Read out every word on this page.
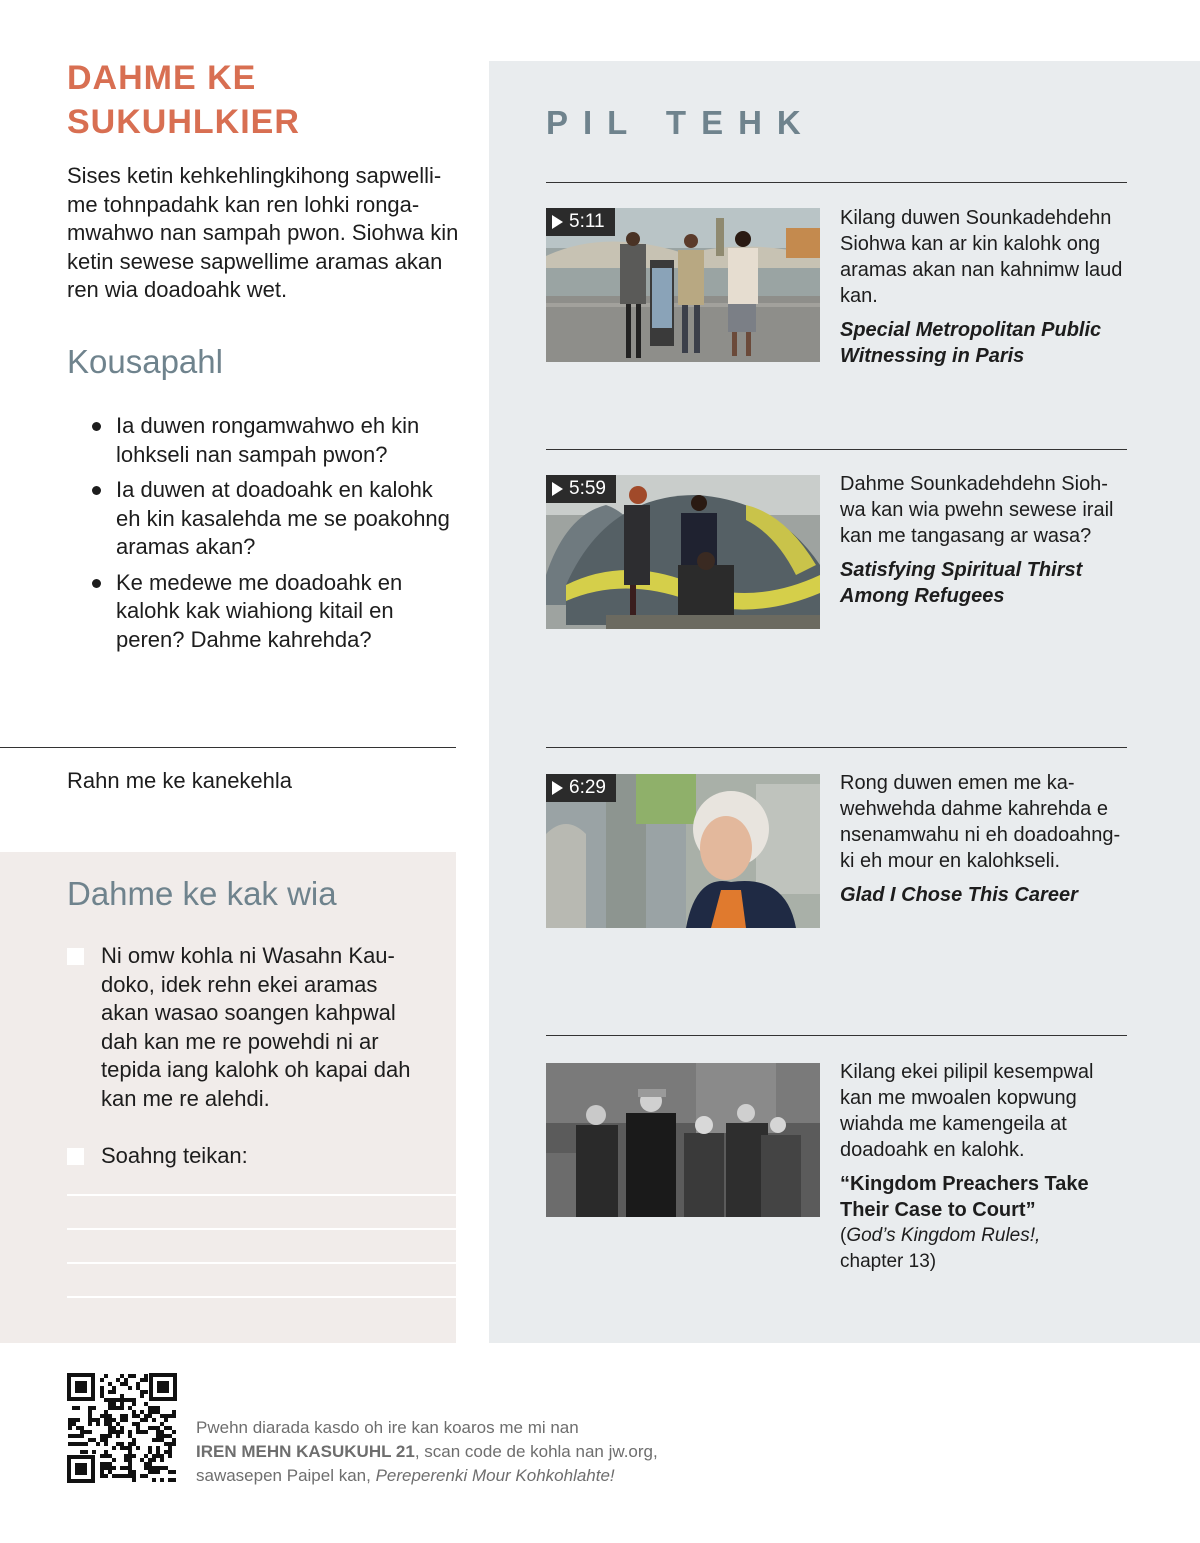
DAHME KE
SUKUHLKIER
Sises ketin kehkehlingkihong sapwelli- me tohnpadahk kan ren lohki ronga- mwahwo nan sampah pwon. Siohwa kin ketin sewese sapwellime aramas akan ren wia doadoahk wet.
Kousapahl
Ia duwen rongamwahwo eh kin lohkseli nan sampah pwon?
Ia duwen at doadoahk en kalohk eh kin kasalehda me se poakohng aramas akan?
Ke medewe me doadoahk en kalohk kak wiahiong kitail en peren? Dahme kahrehda?
Rahn me ke kanekehla
Dahme ke kak wia
Ni omw kohla ni Wasahn Kau- doko, idek rehn ekei aramas akan wasao soangen kahpwal dah kan me re powehdi ni ar tepida iang kalohk oh kapai dah kan me re alehdi.
Soahng teikan:
PIL TEHK
5:11	Kilang duwen Sounkadehdehn Siohwa kan ar kin kalohk ong aramas akan nan kahnimw laud kan.
Special Metropolitan Public Witnessing in Paris
5:59	Dahme Sounkadehdehn Sioh- wa kan wia pwehn sewese irail kan me tangasang ar wasa?
Satisfying Spiritual Thirst Among Refugees
6:29	Rong duwen emen me ka- wehwehda dahme kahrehda e nsenamwahu ni eh doadoahng- ki eh mour en kalohkseli.
Glad I Chose This Career
Kilang ekei pilipil kesempwal kan me mwoalen kopwung wiahda me kamengeila at doadoahk en kalohk.
“Kingdom Preachers Take Their Case to Court”
(God’s Kingdom Rules!,
chapter 13)
Pwehn diarada kasdo oh ire kan koaros me mi nan
IREN MEHN KASUKUHL 21, scan code de kohla nan jw.org,
sawasepen Paipel kan, Pereperenki Mour Kohkohlahte!
